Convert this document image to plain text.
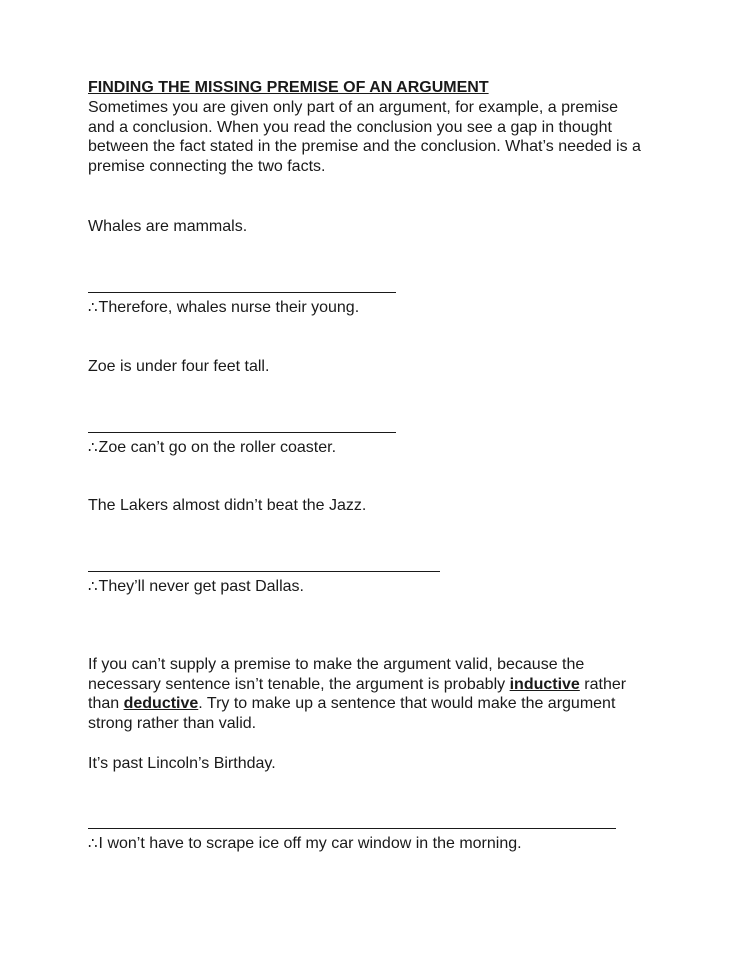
FINDING THE MISSING PREMISE OF AN ARGUMENT

Sometimes you are given only part of an argument, for example, a premise and a conclusion. When you read the conclusion you see a gap in thought between the fact stated in the premise and the conclusion. What’s needed is a premise connecting the two facts.

Whales are mammals.

∴Therefore, whales nurse their young.

Zoe is under four feet tall.

∴Zoe can’t go on the roller coaster.

The Lakers almost didn’t beat the Jazz.

∴They’ll never get past Dallas.

If you can’t supply a premise to make the argument valid, because the necessary sentence isn’t tenable, the argument is probably inductive rather than deductive. Try to make up a sentence that would make the argument strong rather than valid.

It’s past Lincoln’s Birthday.

∴I won’t have to scrape ice off my car window in the morning.
